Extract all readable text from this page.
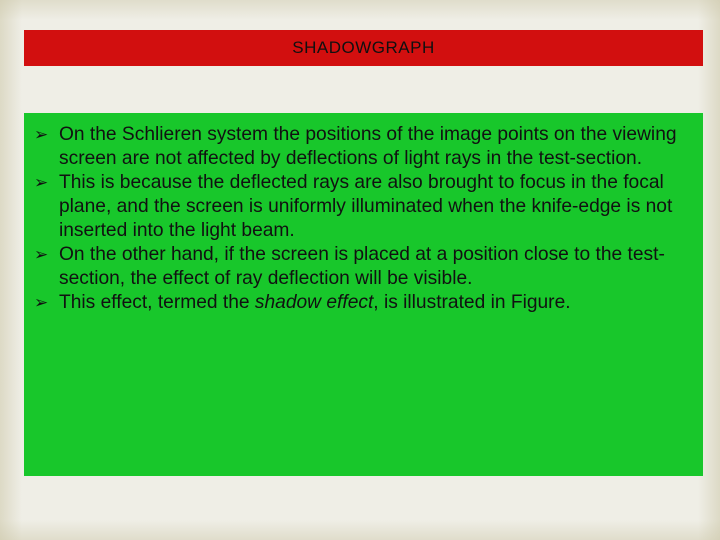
SHADOWGRAPH
➢ On the Schlieren system the positions of the image points on the viewing screen are not affected by deflections of light rays in the test-section.
➢ This is because the deflected rays are also brought to focus in the focal plane, and the screen is uniformly illuminated when the knife-edge is not inserted into the light beam.
➢ On the other hand, if the screen is placed at a position close to the test-section, the effect of ray deflection will be visible.
➢ This effect, termed the shadow effect, is illustrated in Figure.
